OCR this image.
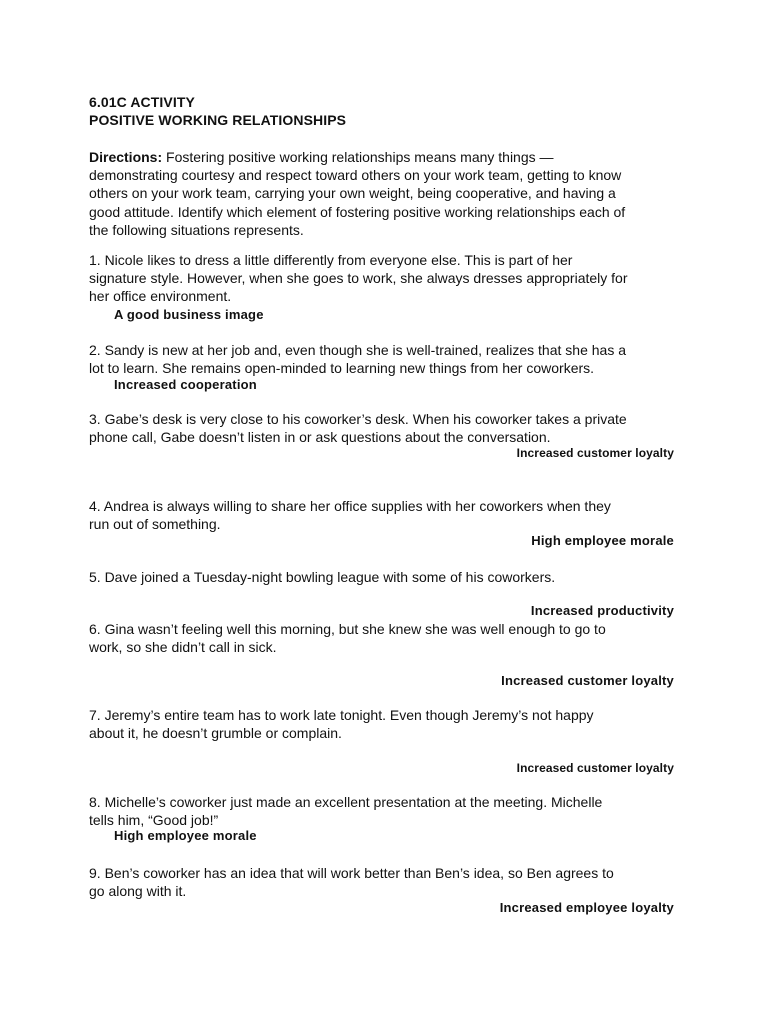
6.01C ACTIVITY
POSITIVE WORKING RELATIONSHIPS
Directions: Fostering positive working relationships means many things —
demonstrating courtesy and respect toward others on your work team, getting to know
others on your work team, carrying your own weight, being cooperative, and having a
good attitude. Identify which element of fostering positive working relationships each of
the following situations represents.
1. Nicole likes to dress a little differently from everyone else. This is part of her
signature style. However, when she goes to work, she always dresses appropriately for
her office environment.
A good business image
2. Sandy is new at her job and, even though she is well-trained, realizes that she has a
lot to learn. She remains open-minded to learning new things from her coworkers.
Increased cooperation
3. Gabe’s desk is very close to his coworker’s desk. When his coworker takes a private
phone call, Gabe doesn’t listen in or ask questions about the conversation.
Increased customer loyalty
4. Andrea is always willing to share her office supplies with her coworkers when they
run out of something.
High employee morale
5. Dave joined a Tuesday-night bowling league with some of his coworkers.
Increased productivity
6. Gina wasn’t feeling well this morning, but she knew she was well enough to go to
work, so she didn’t call in sick.
Increased customer loyalty
7. Jeremy’s entire team has to work late tonight. Even though Jeremy’s not happy
about it, he doesn’t grumble or complain.
Increased customer loyalty
8. Michelle’s coworker just made an excellent presentation at the meeting. Michelle
tells him, “Good job!”
High employee morale
9. Ben’s coworker has an idea that will work better than Ben’s idea, so Ben agrees to
go along with it.
Increased employee loyalty
